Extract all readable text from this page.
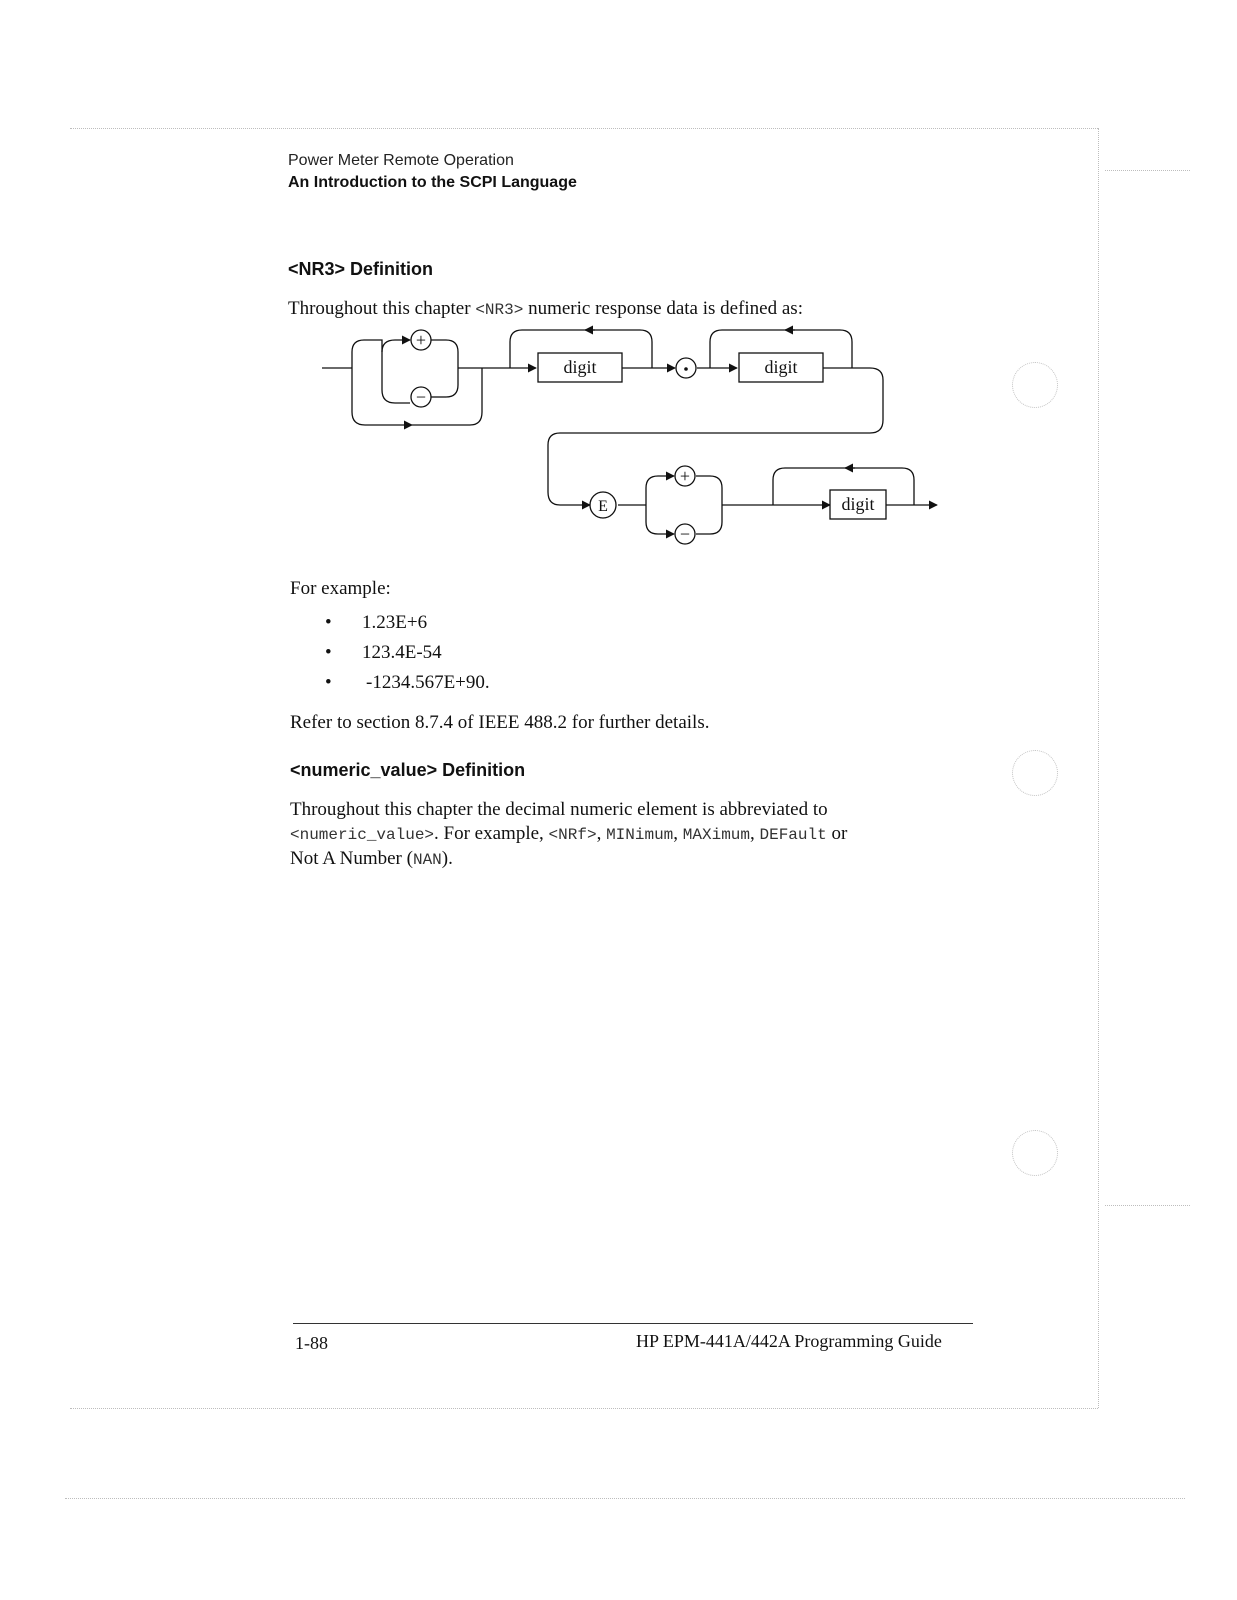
Power Meter Remote Operation
An Introduction to the SCPI Language
<NR3> Definition
Throughout this chapter <NR3> numeric response data is defined as:
+
−
+
−
digit	digit
digit
E
For example:
• 1.23E+6
• 123.4E-54
• -1234.567E+90.
Refer to section 8.7.4 of IEEE 488.2 for further details.
<numeric_value> Definition
Throughout this chapter the decimal numeric element is abbreviated to
<numeric_value>. For example, <NRf>, MINimum, MAXimum, DEFault or
Not A Number (NAN).
1-88	HP EPM-441A/442A Programming Guide
